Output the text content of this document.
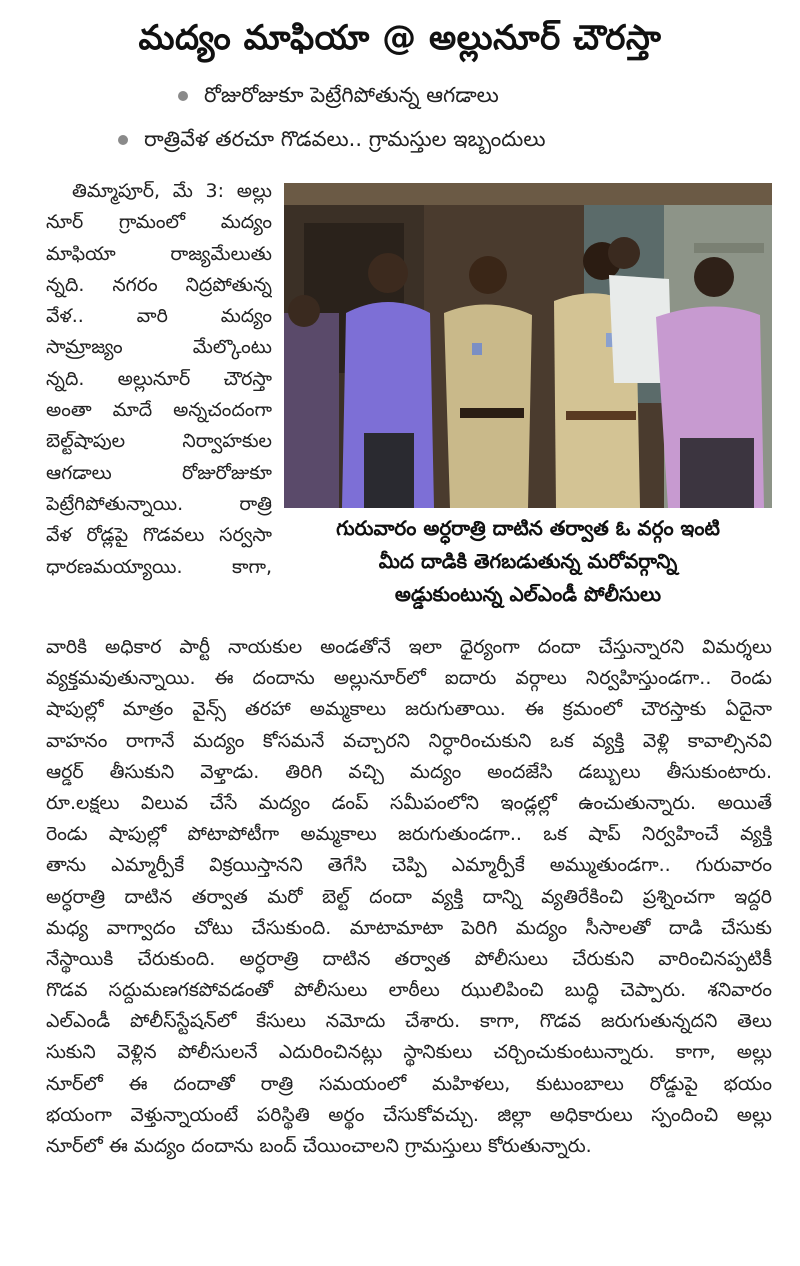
మద్యం మాఫియా @ అల్లునూర్ చౌరస్తా
రోజురోజుకూ పెట్రేగిపోతున్న ఆగడాలు
రాత్రివేళ తరచూ గొడవలు.. గ్రామస్తుల ఇబ్బందులు
తిమ్మాపూర్, మే 3: అల్లు
నూర్ గ్రామంలో మద్యం
మాఫియా రాజ్యమేలుతు
న్నది. నగరం నిద్రపోతున్న
వేళ.. వారి మద్యం
సామ్రాజ్యం మేల్కొంటు
న్నది. అల్లునూర్ చౌరస్తా
అంతా మాదే అన్నచందంగా
బెల్ట్‌షాపుల నిర్వాహకుల
ఆగడాలు రోజురోజుకూ
పెట్రేగిపోతున్నాయి. రాత్రి
వేళ రోడ్లపై గొడవలు సర్వసా
ధారణమయ్యాయి. కాగా,
గురువారం అర్ధరాత్రి దాటిన తర్వాత ఓ వర్గం ఇంటి
మీద దాడికి తెగబడుతున్న మరోవర్గాన్ని
అడ్డుకుంటున్న ఎల్ఎండీ పోలీసులు
వారికి అధికార పార్టీ నాయకుల అండతోనే ఇలా ధైర్యంగా దందా చేస్తున్నారని విమర్శలు
వ్యక్తమవుతున్నాయి. ఈ దందాను అల్లునూర్‌లో ఐదారు వర్గాలు నిర్వహిస్తుండగా.. రెండు
షాపుల్లో మాత్రం వైన్స్ తరహా అమ్మకాలు జరుగుతాయి. ఈ క్రమంలో చౌరస్తాకు ఏదైనా
వాహనం రాగానే మద్యం కోసమనే వచ్చారని నిర్ధారించుకుని ఒక వ్యక్తి వెళ్లి కావాల్సినవి
ఆర్డర్ తీసుకుని వెళ్తాడు. తిరిగి వచ్చి మద్యం అందజేసి డబ్బులు తీసుకుంటారు.
రూ.లక్షలు విలువ చేసే మద్యం డంప్ సమీపంలోని ఇండ్లల్లో ఉంచుతున్నారు. అయితే
రెండు షాపుల్లో పోటాపోటీగా అమ్మకాలు జరుగుతుండగా.. ఒక షాప్ నిర్వహించే వ్యక్తి
తాను ఎమ్మార్పీకే విక్రయిస్తానని తెగేసి చెప్పి ఎమ్మార్పీకే అమ్ముతుండగా.. గురువారం
అర్ధరాత్రి దాటిన తర్వాత మరో బెల్ట్ దందా వ్యక్తి దాన్ని వ్యతిరేకించి ప్రశ్నించగా ఇద్దరి
మధ్య వాగ్వాదం చోటు చేసుకుంది. మాటామాటా పెరిగి మద్యం సీసాలతో దాడి చేసుకు
నేస్థాయికి చేరుకుంది. అర్ధరాత్రి దాటిన తర్వాత పోలీసులు చేరుకుని వారించినప్పటికీ
గొడవ సద్దుమణగకపోవడంతో పోలీసులు లాఠీలు ఝులిపించి బుద్ధి చెప్పారు. శనివారం
ఎల్ఎండీ పోలీస్‌స్టేషన్‌లో కేసులు నమోదు చేశారు. కాగా, గొడవ జరుగుతున్నదని తెలు
సుకుని వెళ్లిన పోలీసులనే ఎదురించినట్లు స్థానికులు చర్చించుకుంటున్నారు. కాగా, అల్లు
నూర్‌లో ఈ దందాతో రాత్రి సమయంలో మహిళలు, కుటుంబాలు రోడ్డుపై భయం
భయంగా వెళ్తున్నాయంటే పరిస్థితి అర్థం చేసుకోవచ్చు. జిల్లా అధికారులు స్పందించి అల్లు
నూర్‌లో ఈ మద్యం దందాను బంద్ చేయించాలని గ్రామస్తులు కోరుతున్నారు.
